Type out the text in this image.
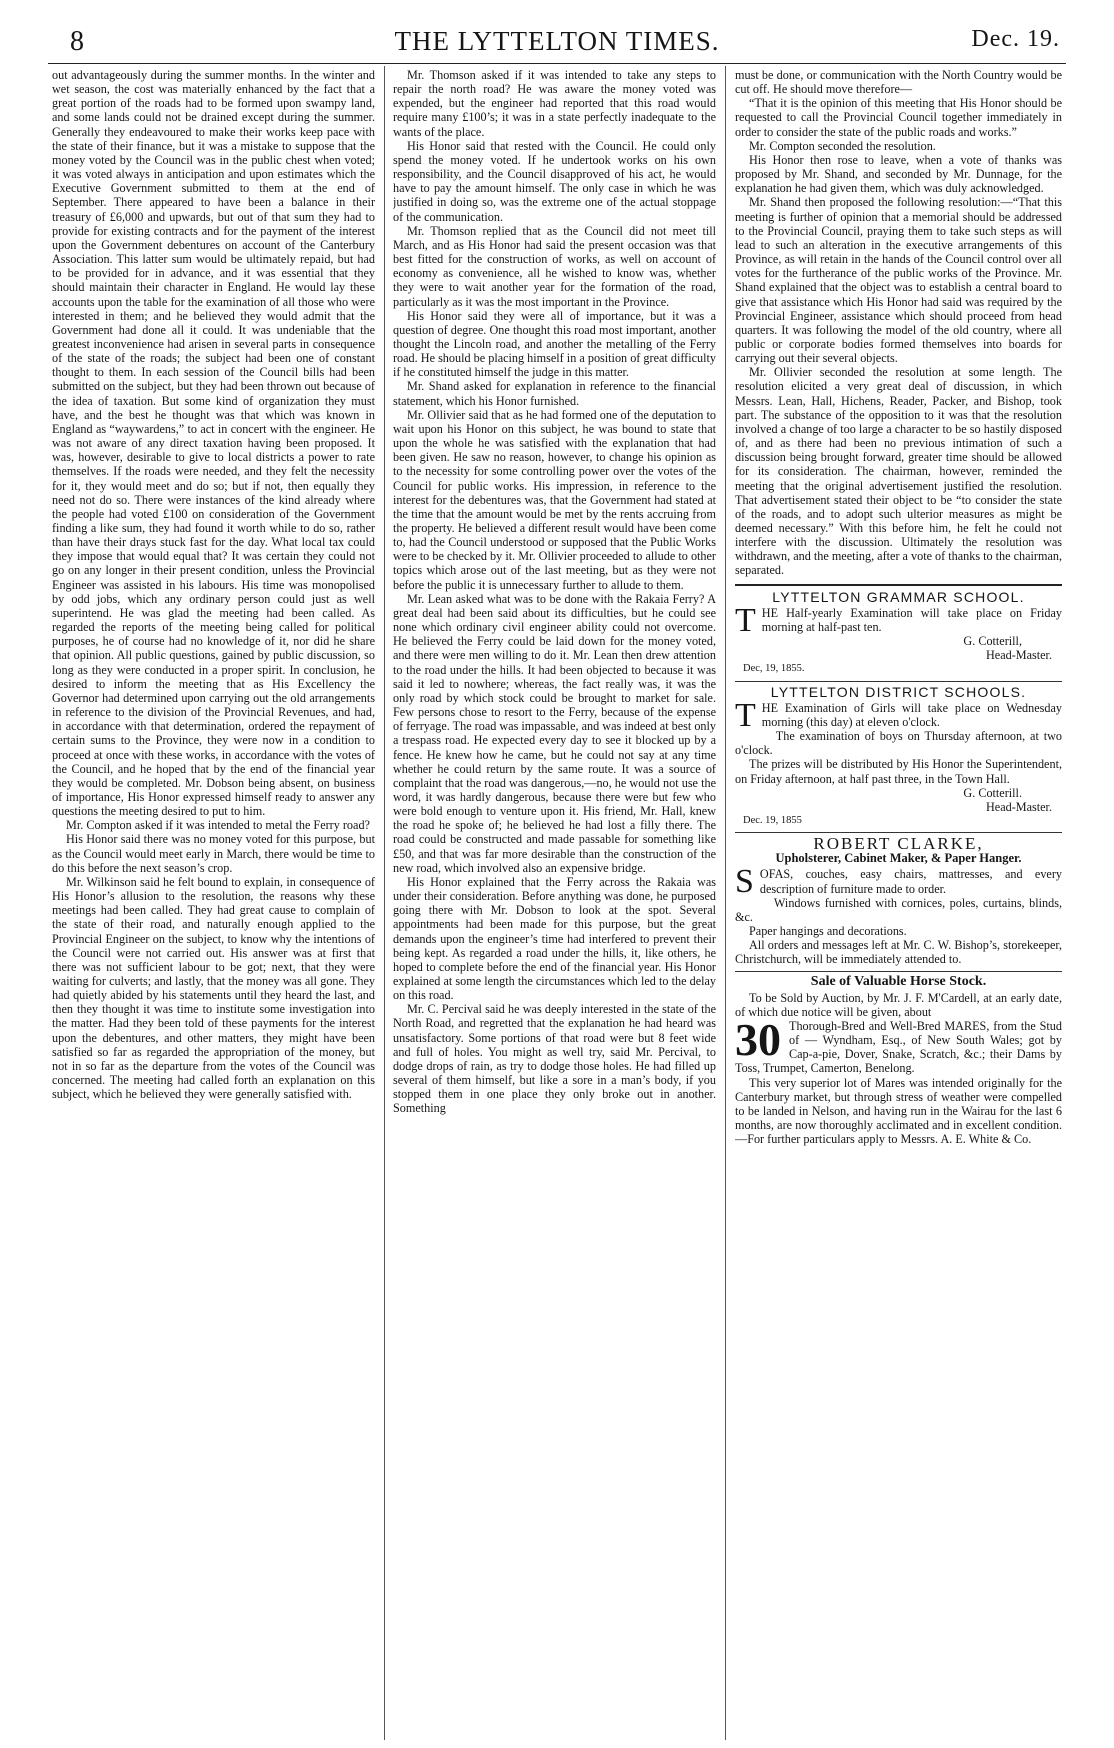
8	THE LYTTELTON TIMES.	Dec. 19.

out advantageously during the summer months. In the winter and wet season, the cost was materially enhanced by the fact that a great portion of the roads had to be formed upon swampy land, and some lands could not be drained except during the summer. Generally they endeavoured to make their works keep pace with the state of their finance, but it was a mistake to suppose that the money voted by the Council was in the public chest when voted; it was voted always in anticipation and upon estimates which the Executive Government submitted to them at the end of September. There appeared to have been a balance in their treasury of £6,000 and upwards, but out of that sum they had to provide for existing contracts and for the payment of the interest upon the Government debentures on account of the Canterbury Association. This latter sum would be ultimately repaid, but had to be provided for in advance, and it was essential that they should maintain their character in England. He would lay these accounts upon the table for the examination of all those who were interested in them; and he believed they would admit that the Government had done all it could. It was undeniable that the greatest inconvenience had arisen in several parts in consequence of the state of the roads; the subject had been one of constant thought to them. In each session of the Council bills had been submitted on the subject, but they had been thrown out because of the idea of taxation. But some kind of organization they must have, and the best he thought was that which was known in England as “waywardens,” to act in concert with the engineer. He was not aware of any direct taxation having been proposed. It was, however, desirable to give to local districts a power to rate themselves. If the roads were needed, and they felt the necessity for it, they would meet and do so; but if not, then equally they need not do so. There were instances of the kind already where the people had voted £100 on consideration of the Government finding a like sum, they had found it worth while to do so, rather than have their drays stuck fast for the day. What local tax could they impose that would equal that? It was certain they could not go on any longer in their present condition, unless the Provincial Engineer was assisted in his labours. His time was monopolised by odd jobs, which any ordinary person could just as well superintend. He was glad the meeting had been called. As regarded the reports of the meeting being called for political purposes, he of course had no knowledge of it, nor did he share that opinion. All public questions, gained by public discussion, so long as they were conducted in a proper spirit. In conclusion, he desired to inform the meeting that as His Excellency the Governor had determined upon carrying out the old arrangements in reference to the division of the Provincial Revenues, and had, in accordance with that determination, ordered the repayment of certain sums to the Province, they were now in a condition to proceed at once with these works, in accordance with the votes of the Council, and he hoped that by the end of the financial year they would be completed. Mr. Dobson being absent, on business of importance, His Honor expressed himself ready to answer any questions the meeting desired to put to him.

Mr. Compton asked if it was intended to metal the Ferry road?

His Honor said there was no money voted for this purpose, but as the Council would meet early in March, there would be time to do this before the next season’s crop.

Mr. Wilkinson said he felt bound to explain, in consequence of His Honor’s allusion to the resolution, the reasons why these meetings had been called. They had great cause to complain of the state of their road, and naturally enough applied to the Provincial Engineer on the subject, to know why the intentions of the Council were not carried out. His answer was at first that there was not sufficient labour to be got; next, that they were waiting for culverts; and lastly, that the money was all gone. They had quietly abided by his statements until they heard the last, and then they thought it was time to institute some investigation into the matter. Had they been told of these payments for the interest upon the debentures, and other matters, they might have been satisfied so far as regarded the appropriation of the money, but not in so far as the departure from the votes of the Council was concerned. The meeting had called forth an explanation on this subject, which he believed they were generally satisfied with.

Mr. Thomson asked if it was intended to take any steps to repair the north road? He was aware the money voted was expended, but the engineer had reported that this road would require many £100’s; it was in a state perfectly inadequate to the wants of the place.

His Honor said that rested with the Council. He could only spend the money voted. If he undertook works on his own responsibility, and the Council disapproved of his act, he would have to pay the amount himself. The only case in which he was justified in doing so, was the extreme one of the actual stoppage of the communication.

Mr. Thomson replied that as the Council did not meet till March, and as His Honor had said the present occasion was that best fitted for the construction of works, as well on account of economy as convenience, all he wished to know was, whether they were to wait another year for the formation of the road, particularly as it was the most important in the Province.

His Honor said they were all of importance, but it was a question of degree. One thought this road most important, another thought the Lincoln road, and another the metalling of the Ferry road. He should be placing himself in a position of great difficulty if he constituted himself the judge in this matter.

Mr. Shand asked for explanation in reference to the financial statement, which his Honor furnished.

Mr. Ollivier said that as he had formed one of the deputation to wait upon his Honor on this subject, he was bound to state that upon the whole he was satisfied with the explanation that had been given. He saw no reason, however, to change his opinion as to the necessity for some controlling power over the votes of the Council for public works. His impression, in reference to the interest for the debentures was, that the Government had stated at the time that the amount would be met by the rents accruing from the property. He believed a different result would have been come to, had the Council understood or supposed that the Public Works were to be checked by it. Mr. Ollivier proceeded to allude to other topics which arose out of the last meeting, but as they were not before the public it is unnecessary further to allude to them.

Mr. Lean asked what was to be done with the Rakaia Ferry? A great deal had been said about its difficulties, but he could see none which ordinary civil engineer ability could not overcome. He believed the Ferry could be laid down for the money voted, and there were men willing to do it. Mr. Lean then drew attention to the road under the hills. It had been objected to because it was said it led to nowhere; whereas, the fact really was, it was the only road by which stock could be brought to market for sale. Few persons chose to resort to the Ferry, because of the expense of ferryage. The road was impassable, and was indeed at best only a trespass road. He expected every day to see it blocked up by a fence. He knew how he came, but he could not say at any time whether he could return by the same route. It was a source of complaint that the road was dangerous,—no, he would not use the word, it was hardly dangerous, because there were but few who were bold enough to venture upon it. His friend, Mr. Hall, knew the road he spoke of; he believed he had lost a filly there. The road could be constructed and made passable for something like £50, and that was far more desirable than the construction of the new road, which involved also an expensive bridge.

His Honor explained that the Ferry across the Rakaia was under their consideration. Before anything was done, he purposed going there with Mr. Dobson to look at the spot. Several appointments had been made for this purpose, but the great demands upon the engineer’s time had interfered to prevent their being kept. As regarded a road under the hills, it, like others, he hoped to complete before the end of the financial year. His Honor explained at some length the circumstances which led to the delay on this road.

Mr. C. Percival said he was deeply interested in the state of the North Road, and regretted that the explanation he had heard was unsatisfactory. Some portions of that road were but 8 feet wide and full of holes. You might as well try, said Mr. Percival, to dodge drops of rain, as try to dodge those holes. He had filled up several of them himself, but like a sore in a man’s body, if you stopped them in one place they only broke out in another. Something

must be done, or communication with the North Country would be cut off. He should move therefore—

“That it is the opinion of this meeting that His Honor should be requested to call the Provincial Council together immediately in order to consider the state of the public roads and works.”

Mr. Compton seconded the resolution.

His Honor then rose to leave, when a vote of thanks was proposed by Mr. Shand, and seconded by Mr. Dunnage, for the explanation he had given them, which was duly acknowledged.

Mr. Shand then proposed the following resolution:—“That this meeting is further of opinion that a memorial should be addressed to the Provincial Council, praying them to take such steps as will lead to such an alteration in the executive arrangements of this Province, as will retain in the hands of the Council control over all votes for the furtherance of the public works of the Province. Mr. Shand explained that the object was to establish a central board to give that assistance which His Honor had said was required by the Provincial Engineer, assistance which should proceed from head quarters. It was following the model of the old country, where all public or corporate bodies formed themselves into boards for carrying out their several objects.

Mr. Ollivier seconded the resolution at some length. The resolution elicited a very great deal of discussion, in which Messrs. Lean, Hall, Hichens, Reader, Packer, and Bishop, took part. The substance of the opposition to it was that the resolution involved a change of too large a character to be so hastily disposed of, and as there had been no previous intimation of such a discussion being brought forward, greater time should be allowed for its consideration. The chairman, however, reminded the meeting that the original advertisement justified the resolution. That advertisement stated their object to be “to consider the state of the roads, and to adopt such ulterior measures as might be deemed necessary.” With this before him, he felt he could not interfere with the discussion. Ultimately the resolution was withdrawn, and the meeting, after a vote of thanks to the chairman, separated.

LYTTELTON GRAMMAR SCHOOL.

THE Half-yearly Examination will take place on Friday morning at half-past ten.

G. Cotterill,

Head-Master.

Dec, 19, 1855.

LYTTELTON DISTRICT SCHOOLS.

THE Examination of Girls will take place on Wednesday morning (this day) at eleven o'clock.

The examination of boys on Thursday afternoon, at two o'clock.

The prizes will be distributed by His Honor the Superintendent, on Friday afternoon, at half past three, in the Town Hall.

G. Cotterill.

Head-Master.

Dec. 19, 1855

ROBERT CLARKE,
Upholsterer, Cabinet Maker, & Paper Hanger.

SOFAS, couches, easy chairs, mattresses, and every description of furniture made to order.

Windows furnished with cornices, poles, curtains, blinds, &c.

Paper hangings and decorations.

All orders and messages left at Mr. C. W. Bishop’s, storekeeper, Christchurch, will be immediately attended to.

Sale of Valuable Horse Stock.

To be Sold by Auction, by Mr. J. F. M'Cardell, at an early date, of which due notice will be given, about

30 Thorough-Bred and Well-Bred MARES, from the Stud of — Wyndham, Esq., of New South Wales; got by Cap-a-pie, Dover, Snake, Scratch, &c.; their Dams by Toss, Trumpet, Camerton, Benelong.

This very superior lot of Mares was intended originally for the Canterbury market, but through stress of weather were compelled to be landed in Nelson, and having run in the Wairau for the last 6 months, are now thoroughly acclimated and in excellent condition.—For further particulars apply to Messrs. A. E. White & Co.
